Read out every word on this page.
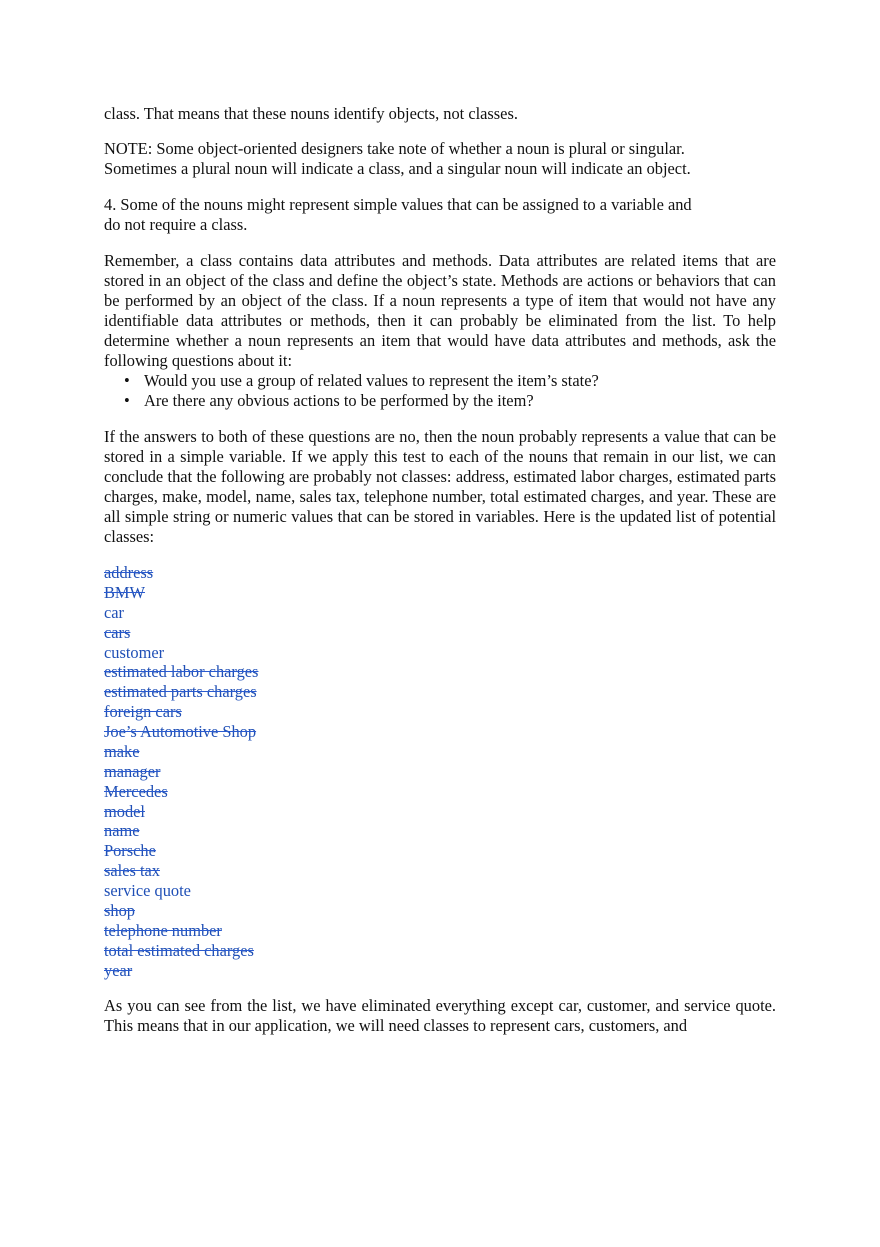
class. That means that these nouns identify objects, not classes.

NOTE: Some object-oriented designers take note of whether a noun is plural or singular.
Sometimes a plural noun will indicate a class, and a singular noun will indicate an object.

4. Some of the nouns might represent simple values that can be assigned to a variable and
do not require a class.

Remember, a class contains data attributes and methods. Data attributes are related items that are stored in an object of the class and define the object’s state. Methods are actions or behaviors that can be performed by an object of the class. If a noun represents a type of item that would not have any identifiable data attributes or methods, then it can probably be eliminated from the list. To help determine whether a noun represents an item that would have data attributes and methods, ask the following questions about it:

• Would you use a group of related values to represent the item’s state?
• Are there any obvious actions to be performed by the item?

If the answers to both of these questions are no, then the noun probably represents a value that can be stored in a simple variable. If we apply this test to each of the nouns that remain in our list, we can conclude that the following are probably not classes: address, estimated labor charges, estimated parts charges, make, model, name, sales tax, telephone number, total estimated charges, and year. These are all simple string or numeric values that can be stored in variables. Here is the updated list of potential classes:

address
BMW
car
cars
customer
estimated labor charges
estimated parts charges
foreign cars
Joe’s Automotive Shop
make
manager
Mercedes
model
name
Porsche
sales tax
service quote
shop
telephone number
total estimated charges
year

As you can see from the list, we have eliminated everything except car, customer, and service quote. This means that in our application, we will need classes to represent cars, customers, and
